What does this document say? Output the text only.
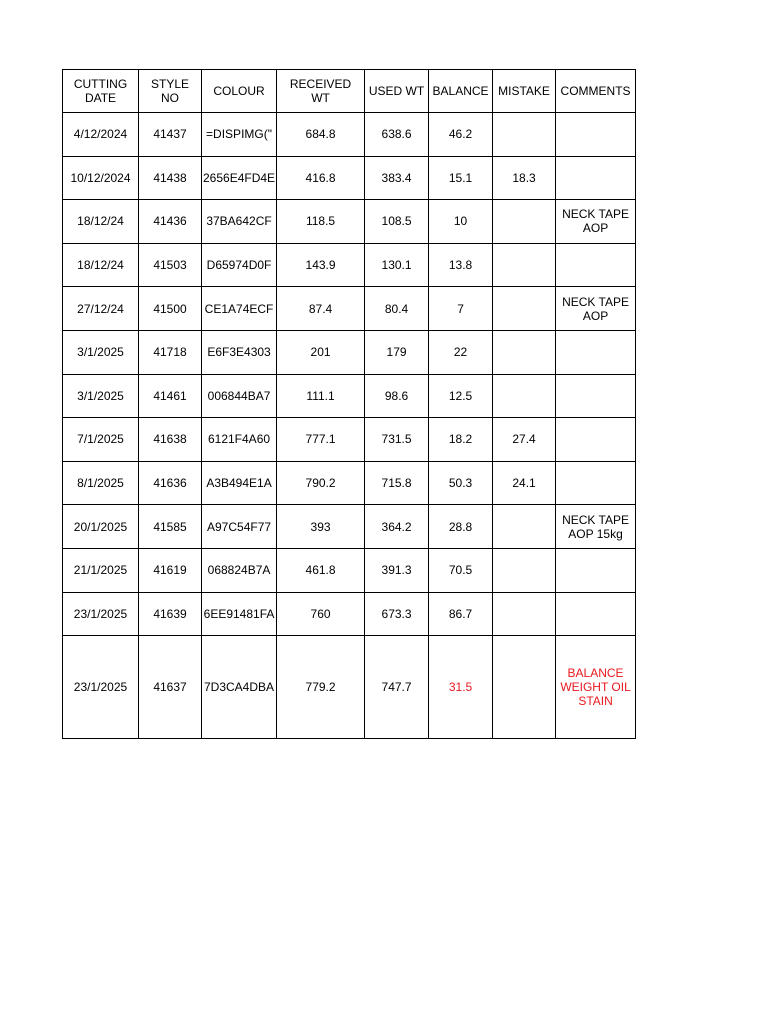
CUTTING DATE	STYLE NO	COLOUR	RECEIVED WT	USED WT	BALANCE	MISTAKE	COMMENTS
4/12/2024	41437	=DISPIMG("	684.8	638.6	46.2		
10/12/2024	41438	2656E4FD4E	416.8	383.4	15.1	18.3	
18/12/24	41436	37BA642CF	118.5	108.5	10		NECK TAPE AOP
18/12/24	41503	D65974D0F	143.9	130.1	13.8		
27/12/24	41500	CE1A74ECF	87.4	80.4	7		NECK TAPE AOP
3/1/2025	41718	E6F3E4303	201	179	22		
3/1/2025	41461	006844BA7	111.1	98.6	12.5		
7/1/2025	41638	6121F4A60	777.1	731.5	18.2	27.4	
8/1/2025	41636	A3B494E1A	790.2	715.8	50.3	24.1	
20/1/2025	41585	A97C54F77	393	364.2	28.8		NECK TAPE AOP 15kg
21/1/2025	41619	068824B7A	461.8	391.3	70.5		
23/1/2025	41639	6EE91481FA	760	673.3	86.7		
23/1/2025	41637	7D3CA4DBA	779.2	747.7	31.5		BALANCE WEIGHT OIL STAIN
